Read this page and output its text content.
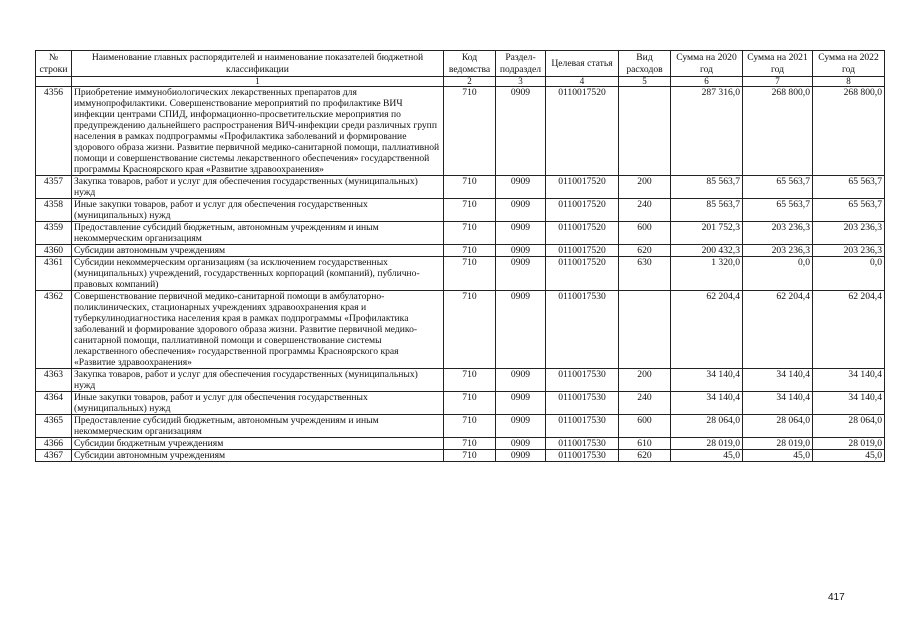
№
строки	Наименование главных распорядителей и наименование показателей бюджетной классификации	Код ведомства	Раздел-подраздел	Целевая статья	Вид расходов	Сумма на 2020 год	Сумма на 2021 год	Сумма на 2022 год
	1	2	3	4	5	6	7	8
4356	Приобретение иммунобиологических лекарственных препаратов для иммунопрофилактики. Совершенствование мероприятий по профилактике ВИЧ инфекции центрами СПИД, информационно-просветительские мероприятия по предупреждению дальнейшего распространения ВИЧ-инфекции среди различных групп населения в рамках подпрограммы «Профилактика заболеваний и формирование здорового образа жизни. Развитие первичной медико-санитарной помощи, паллиативной помощи и совершенствование системы лекарственного обеспечения» государственной программы Красноярского края «Развитие здравоохранения»	710	0909	0110017520		287 316,0	268 800,0	268 800,0
4357	Закупка товаров, работ и услуг для обеспечения государственных (муниципальных) нужд	710	0909	0110017520	200	85 563,7	65 563,7	65 563,7
4358	Иные закупки товаров, работ и услуг для обеспечения государственных (муниципальных) нужд	710	0909	0110017520	240	85 563,7	65 563,7	65 563,7
4359	Предоставление субсидий бюджетным, автономным учреждениям и иным некоммерческим организациям	710	0909	0110017520	600	201 752,3	203 236,3	203 236,3
4360	Субсидии автономным учреждениям	710	0909	0110017520	620	200 432,3	203 236,3	203 236,3
4361	Субсидии некоммерческим организациям (за исключением государственных (муниципальных) учреждений, государственных корпораций (компаний), публично-правовых компаний)	710	0909	0110017520	630	1 320,0	0,0	0,0
4362	Совершенствование первичной медико-санитарной помощи в амбулаторно-поликлинических, стационарных учреждениях здравоохранения края и туберкулинодиагностика населения края в рамках подпрограммы «Профилактика заболеваний и формирование здорового образа жизни. Развитие первичной медико-санитарной помощи, паллиативной помощи и совершенствование системы лекарственного обеспечения» государственной программы Красноярского края «Развитие здравоохранения»	710	0909	0110017530		62 204,4	62 204,4	62 204,4
4363	Закупка товаров, работ и услуг для обеспечения государственных (муниципальных) нужд	710	0909	0110017530	200	34 140,4	34 140,4	34 140,4
4364	Иные закупки товаров, работ и услуг для обеспечения государственных (муниципальных) нужд	710	0909	0110017530	240	34 140,4	34 140,4	34 140,4
4365	Предоставление субсидий бюджетным, автономным учреждениям и иным некоммерческим организациям	710	0909	0110017530	600	28 064,0	28 064,0	28 064,0
4366	Субсидии бюджетным учреждениям	710	0909	0110017530	610	28 019,0	28 019,0	28 019,0
4367	Субсидии автономным учреждениям	710	0909	0110017530	620	45,0	45,0	45,0
417
